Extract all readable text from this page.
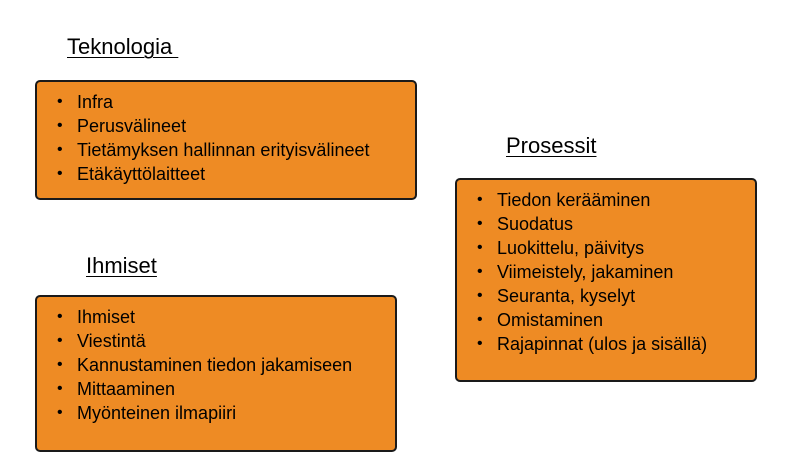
Teknologia
• Infra
• Perusvälineet
• Tietämyksen hallinnan erityisvälineet
• Etäkäyttölaitteet
Prosessit
• Tiedon kerääminen
• Suodatus
• Luokittelu, päivitys
• Viimeistely, jakaminen
• Seuranta, kyselyt
• Omistaminen
• Rajapinnat (ulos ja sisällä)
Ihmiset
• Ihmiset
• Viestintä
• Kannustaminen tiedon jakamiseen
• Mittaaminen
• Myönteinen ilmapiiri
